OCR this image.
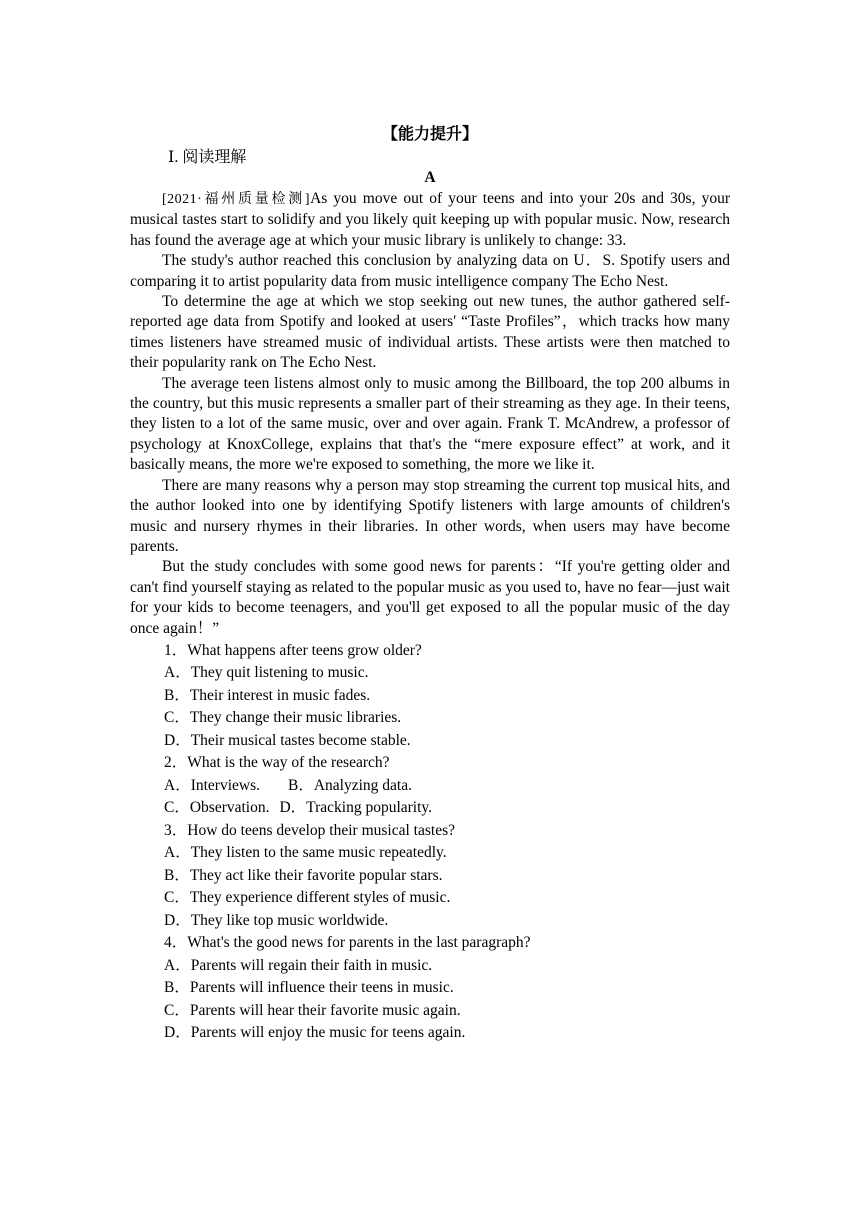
【能力提升】
Ⅰ. 阅读理解
A

[2021·福州质量检测]As you move out of your teens and into your 20s and 30s, your musical tastes start to solidify and you likely quit keeping up with popular music. Now, research has found the average age at which your music library is unlikely to change: 33.

The study's author reached this conclusion by analyzing data on U．S. Spotify users and comparing it to artist popularity data from music intelligence company The Echo Nest.

To determine the age at which we stop seeking out new tunes, the author gathered self-reported age data from Spotify and looked at users' “Taste Profiles”，which tracks how many times listeners have streamed music of individual artists. These artists were then matched to their popularity rank on The Echo Nest.

The average teen listens almost only to music among the Billboard, the top 200 albums in the country, but this music represents a smaller part of their streaming as they age. In their teens, they listen to a lot of the same music, over and over again. Frank T. McAndrew, a professor of psychology at KnoxCollege, explains that that's the “mere exposure effect” at work, and it basically means, the more we're exposed to something, the more we like it.

There are many reasons why a person may stop streaming the current top musical hits, and the author looked into one by identifying Spotify listeners with large amounts of children's music and nursery rhymes in their libraries. In other words, when users may have become parents.

But the study concludes with some good news for parents：“If you're getting older and can't find yourself staying as related to the popular music as you used to, have no fear—just wait for your kids to become teenagers, and you'll get exposed to all the popular music of the day once again！”

1．What happens after teens grow older?

A．They quit listening to music.

B．Their interest in music fades.

C．They change their music libraries.

D．Their musical tastes become stable.

2．What is the way of the research?

A．Interviews. B．Analyzing data.

C．Observation. D．Tracking popularity.

3．How do teens develop their musical tastes?

A．They listen to the same music repeatedly.

B．They act like their favorite popular stars.

C．They experience different styles of music.

D．They like top music worldwide.

4．What's the good news for parents in the last paragraph?

A．Parents will regain their faith in music.

B．Parents will influence their teens in music.

C．Parents will hear their favorite music again.

D．Parents will enjoy the music for teens again.
